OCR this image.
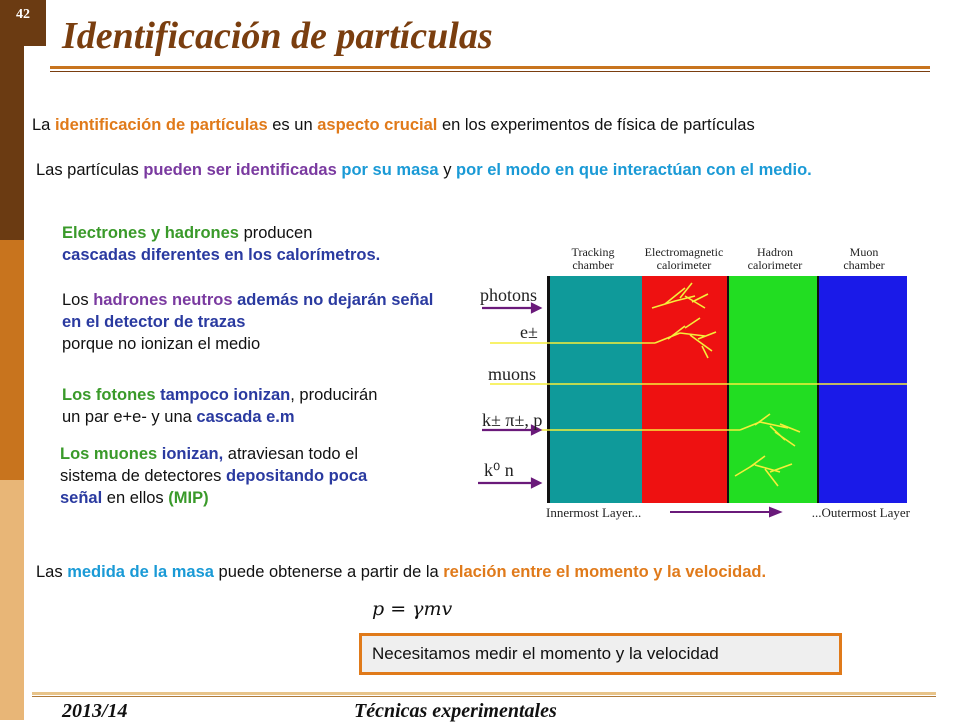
42
Identificación de partículas
La identificación de partículas es un aspecto crucial en los experimentos de física de partículas
Las partículas pueden ser identificadas por su masa y por el modo en que interactúan con el medio.
Electrones y hadrones producen
cascadas diferentes en los calorímetros.
Los hadrones neutros además no dejarán señal en el detector de trazas
porque no ionizan el medio
Los fotones tampoco ionizan, producirán
un par e+e- y una cascada e.m
Los muones ionizan, atraviesan todo el
sistema de detectores depositando poca
señal en ellos (MIP)
Tracking
chamber
Electromagnetic
calorimeter
Hadron
calorimeter
Muon
chamber
photons
e±
muons
k± π±, p
k⁰ n
Innermost Layer...	...Outermost Layer
Las medida de la masa puede obtenerse a partir de la relación entre el momento y la velocidad.
p = γmv
Necesitamos medir el momento y la velocidad
2013/14	Técnicas experimentales
